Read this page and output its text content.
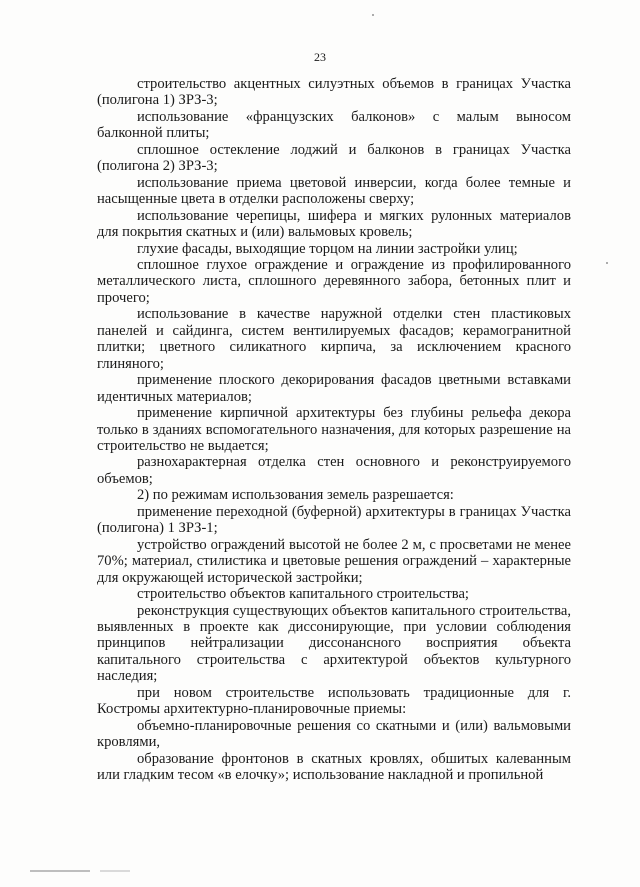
23

строительство акцентных силуэтных объемов в границах Участка (полигона 1) ЗРЗ-3;

использование «французских балконов» с малым выносом балконной плиты;

сплошное остекление лоджий и балконов в границах Участка (полигона 2) ЗРЗ-3;

использование приема цветовой инверсии, когда более темные и насыщенные цвета в отделки расположены сверху;

использование черепицы, шифера и мягких рулонных материалов для покрытия скатных и (или) вальмовых кровель;

глухие фасады, выходящие торцом на линии застройки улиц;

сплошное глухое ограждение и ограждение из профилированного металлического листа, сплошного деревянного забора, бетонных плит и прочего;

использование в качестве наружной отделки стен пластиковых панелей и сайдинга, систем вентилируемых фасадов; керамогранитной плитки; цветного силикатного кирпича, за исключением красного глиняного;

применение плоского декорирования фасадов цветными вставками идентичных материалов;

применение кирпичной архитектуры без глубины рельефа декора только в зданиях вспомогательного назначения, для которых разрешение на строительство не выдается;

разнохарактерная отделка стен основного и реконструируемого объемов;

2) по режимам использования земель разрешается:

применение переходной (буферной) архитектуры в границах Участка (полигона) 1 ЗРЗ-1;

устройство ограждений высотой не более 2 м, с просветами не менее 70%; материал, стилистика и цветовые решения ограждений – характерные для окружающей исторической застройки;

строительство объектов капитального строительства;

реконструкция существующих объектов капитального строительства, выявленных в проекте как диссонирующие, при условии соблюдения принципов нейтрализации диссонансного восприятия объекта капитального строительства с архитектурой объектов культурного наследия;

при новом строительстве использовать традиционные для г. Костромы архитектурно-планировочные приемы:

объемно-планировочные решения со скатными и (или) вальмовыми кровлями,

образование фронтонов в скатных кровлях, обшитых калеванным или гладким тесом «в елочку»; использование накладной и пропильной
